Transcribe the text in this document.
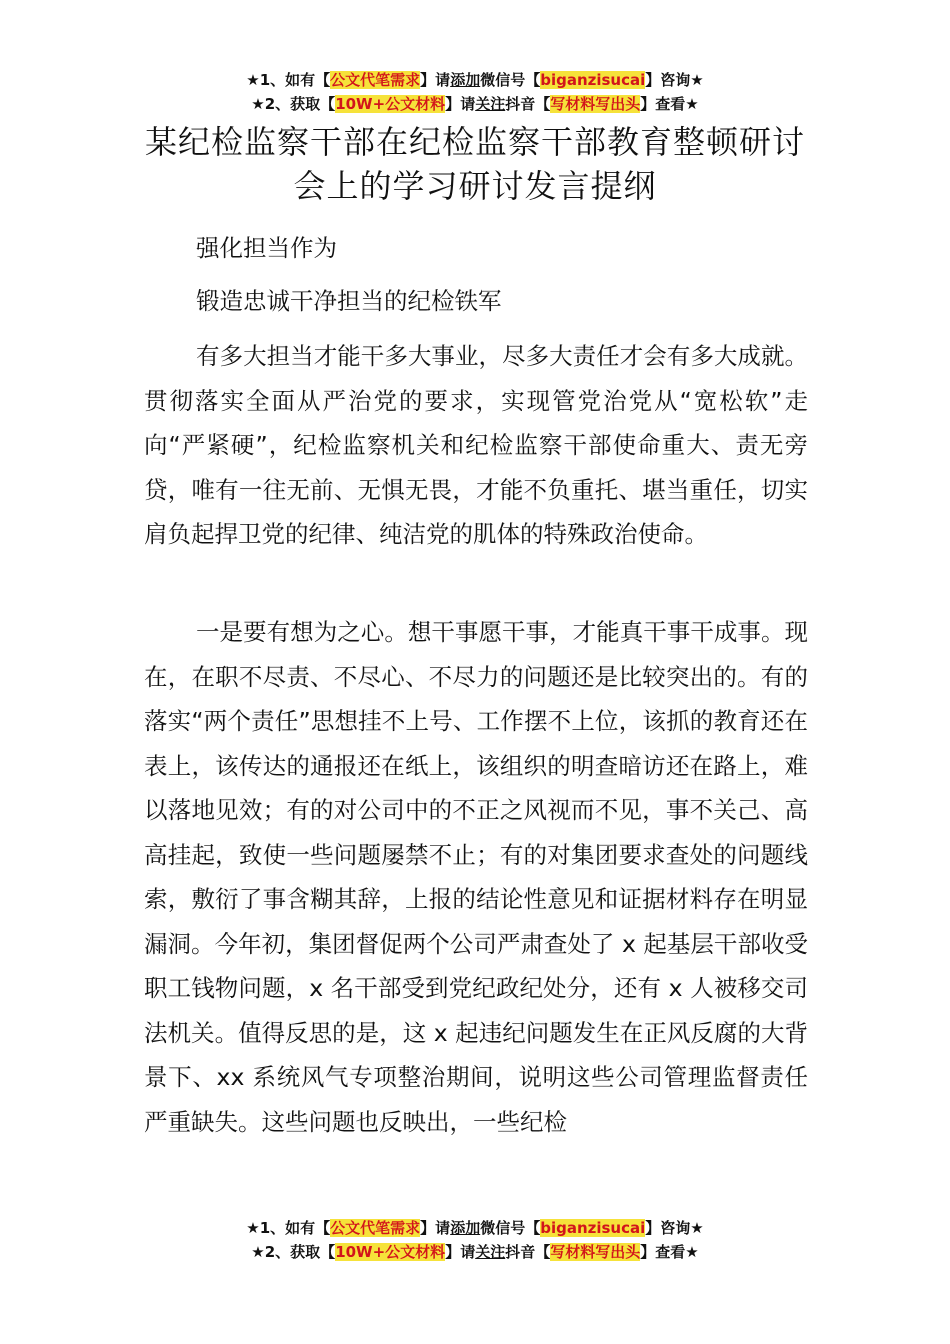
★1、如有【公文代笔需求】请添加微信号【biganzisucai】咨询★
★2、获取【10W+公文材料】请关注抖音【写材料写出头】查看★
某纪检监察干部在纪检监察干部教育整顿研讨会上的学习研讨发言提纲
强化担当作为
锻造忠诚干净担当的纪检铁军

有多大担当才能干多大事业，尽多大责任才会有多大成就。贯彻落实全面从严治党的要求，实现管党治党从“宽松软”走向“严紧硬”，纪检监察机关和纪检监察干部使命重大、责无旁贷，唯有一往无前、无惧无畏，才能不负重托、堪当重任，切实肩负起捍卫党的纪律、纯洁党的肌体的特殊政治使命。

一是要有想为之心。想干事愿干事，才能真干事干成事。现在，在职不尽责、不尽心、不尽力的问题还是比较突出的。有的落实“两个责任”思想挂不上号、工作摆不上位，该抓的教育还在表上，该传达的通报还在纸上，该组织的明查暗访还在路上，难以落地见效；有的对公司中的不正之风视而不见，事不关己、高高挂起，致使一些问题屡禁不止；有的对集团要求查处的问题线索，敷衍了事含糊其辞，上报的结论性意见和证据材料存在明显漏洞。今年初，集团督促两个公司严肃查处了 x 起基层干部收受职工钱物问题，x 名干部受到党纪政纪处分，还有 x 人被移交司法机关。值得反思的是，这 x 起违纪问题发生在正风反腐的大背景下、xx 系统风气专项整治期间，说明这些公司管理监督责任严重缺失。这些问题也反映出，一些纪检

★1、如有【公文代笔需求】请添加微信号【biganzisucai】咨询★
★2、获取【10W+公文材料】请关注抖音【写材料写出头】查看★
